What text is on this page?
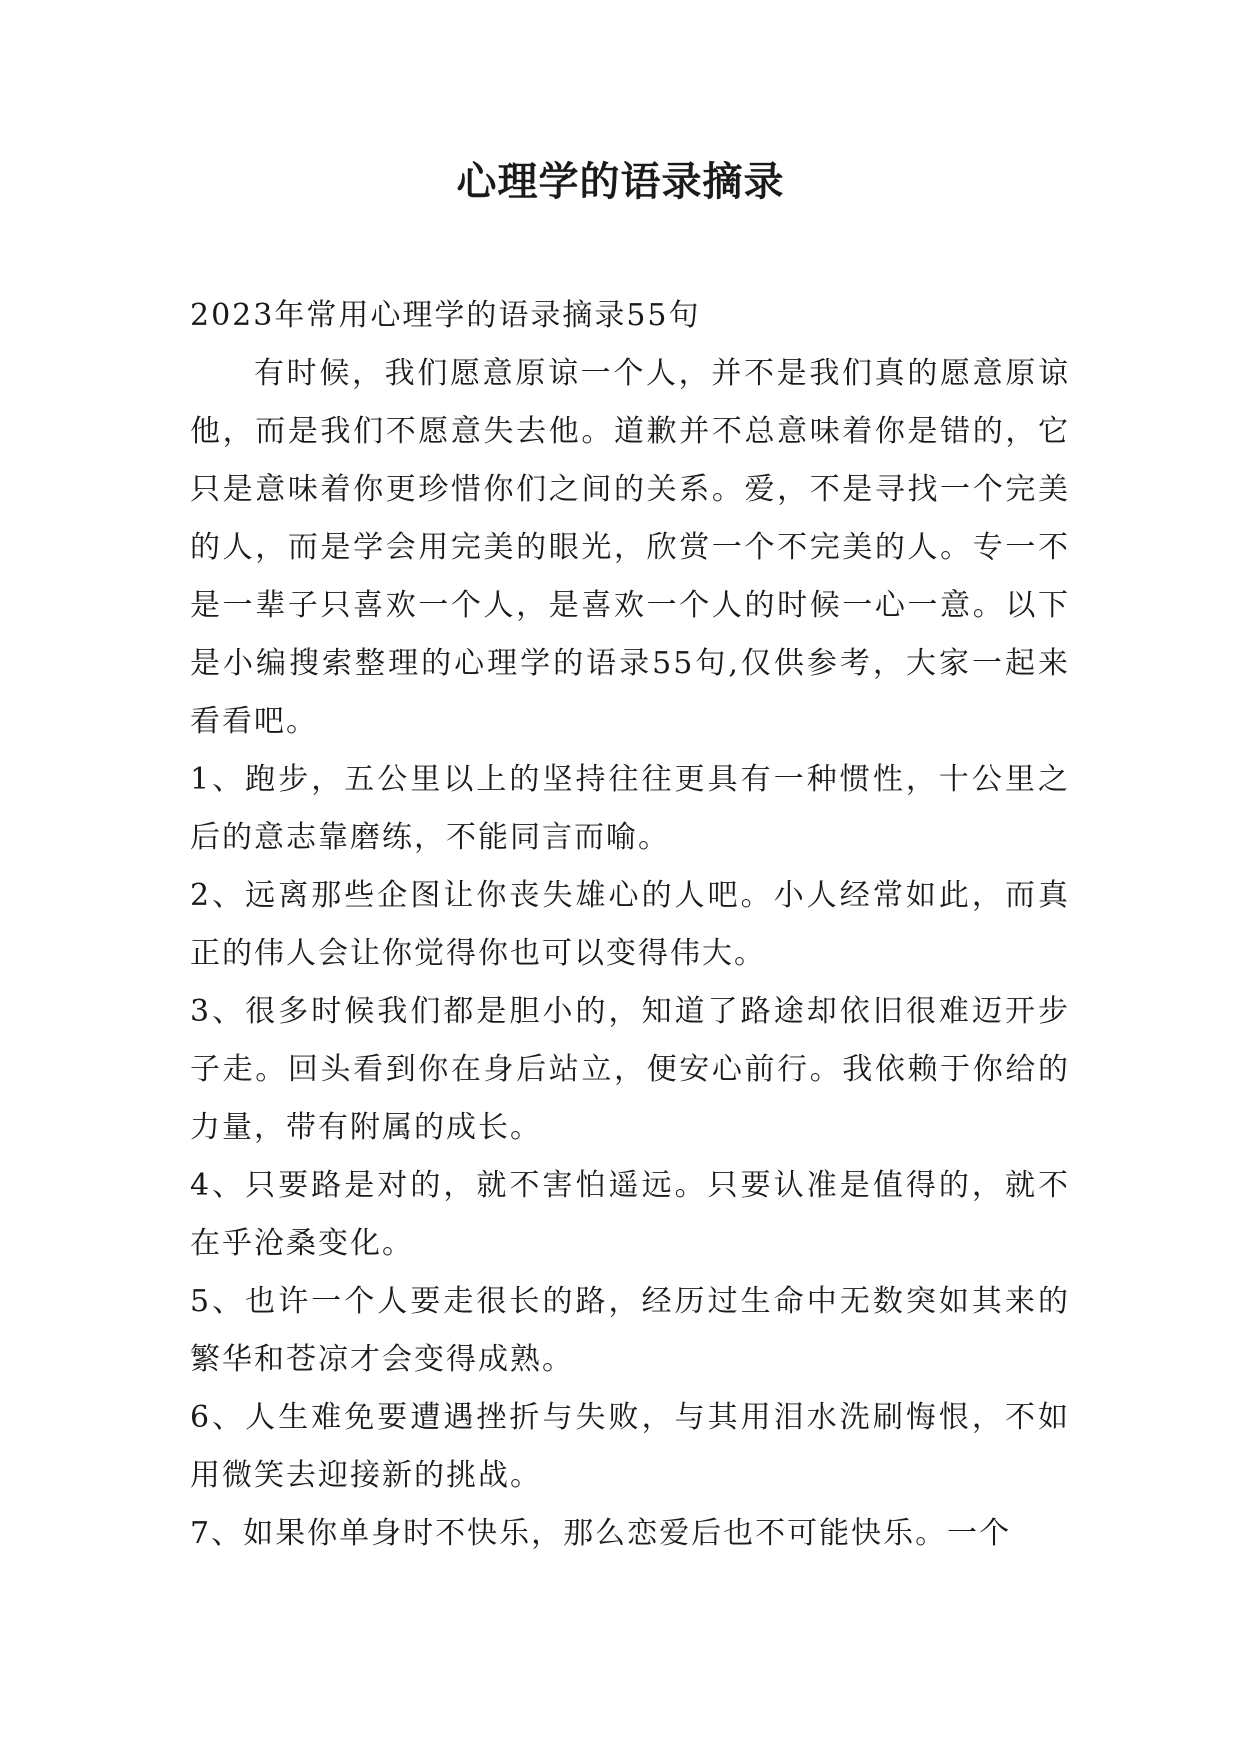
心理学的语录摘录

2023年常用心理学的语录摘录55句

有时候，我们愿意原谅一个人，并不是我们真的愿意原谅他，而是我们不愿意失去他。道歉并不总意味着你是错的，它只是意味着你更珍惜你们之间的关系。爱，不是寻找一个完美的人，而是学会用完美的眼光，欣赏一个不完美的人。专一不是一辈子只喜欢一个人，是喜欢一个人的时候一心一意。以下是小编搜索整理的心理学的语录55句,仅供参考，大家一起来看看吧。

1、跑步，五公里以上的坚持往往更具有一种惯性，十公里之后的意志靠磨练，不能同言而喻。

2、远离那些企图让你丧失雄心的人吧。小人经常如此，而真正的伟人会让你觉得你也可以变得伟大。

3、很多时候我们都是胆小的，知道了路途却依旧很难迈开步子走。回头看到你在身后站立，便安心前行。我依赖于你给的力量，带有附属的成长。

4、只要路是对的，就不害怕遥远。只要认准是值得的，就不在乎沧桑变化。

5、也许一个人要走很长的路，经历过生命中无数突如其来的繁华和苍凉才会变得成熟。

6、人生难免要遭遇挫折与失败，与其用泪水洗刷悔恨，不如用微笑去迎接新的挑战。

7、如果你单身时不快乐，那么恋爱后也不可能快乐。一个
